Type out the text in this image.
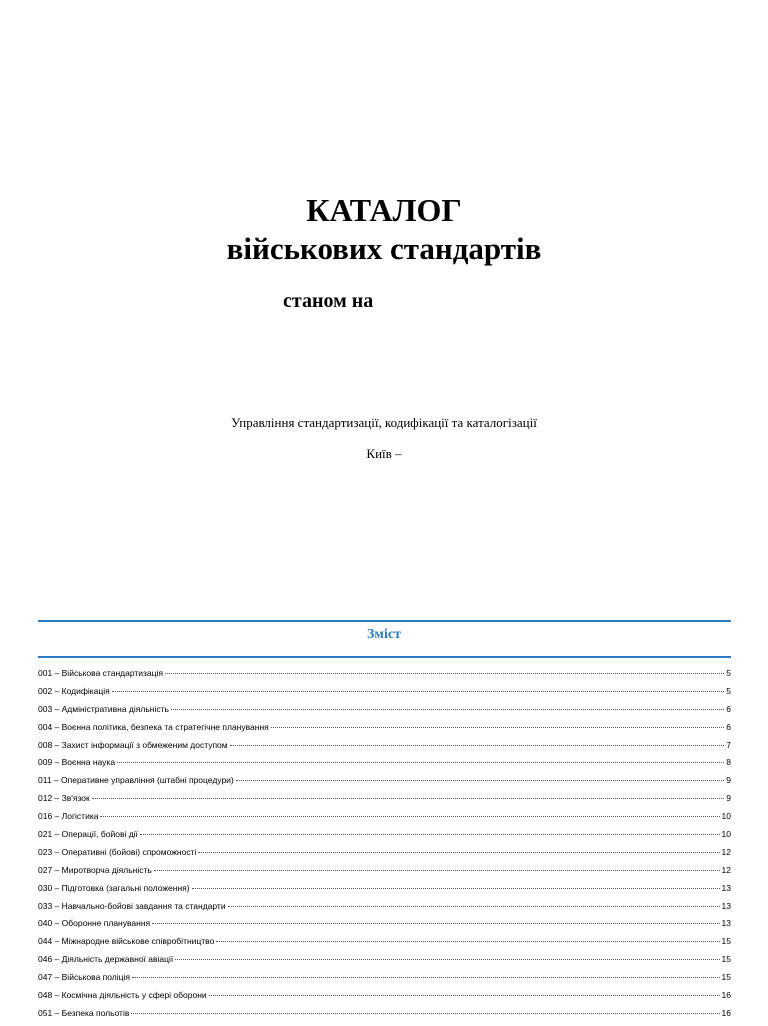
КАТАЛОГ
військових стандартів
станом на
Управління стандартизації, кодифікації та каталогізації
Київ –
Зміст
001 – Військова стандартизація	5
002 – Кодифікація	5
003 – Адміністративна діяльність	6
004 – Воєнна політика, безпека та стратегічне планування	6
008 – Захист інформації з обмеженим доступом	7
009 – Воєнна наука	8
011 – Оперативне управління (штабні процедури)	9
012 – Зв'язок	9
016 – Логістика	10
021 – Операції, бойові дії	10
023 – Оперативні (бойові) спроможності	12
027 – Миротворча діяльність	12
030 – Підготовка (загальні положення)	13
033 – Навчально-бойові завдання та стандарти	13
040 – Оборонне планування	13
044 – Міжнародне військове співробітництво	15
046 – Діяльність державної авіації	15
047 – Військова поліція	15
048 – Космічна діяльність у сфері оборони	16
051 – Безпека польотів	16
